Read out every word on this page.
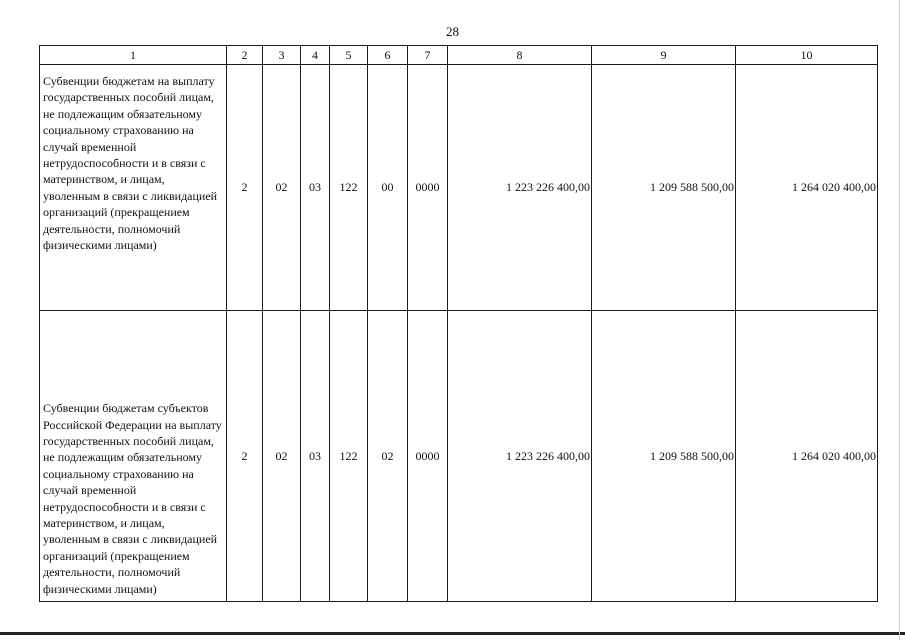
28
1	2	3	4	5	6	7	8	9	10
Субвенции бюджетам на выплату государственных пособий лицам, не подлежащим обязательному социальному страхованию на случай временной нетрудоспособности и в связи с материнством, и лицам, уволенным в связи с ликвидацией организаций (прекращением деятельности, полномочий физическими лицами)	2	02	03	122	00	0000	1 223 226 400,00	1 209 588 500,00	1 264 020 400,00
Субвенции бюджетам субъектов Российской Федерации на выплату государственных пособий лицам, не подлежащим обязательному социальному страхованию на случай временной нетрудоспособности и в связи с материнством, и лицам, уволенным в связи с ликвидацией организаций (прекращением деятельности, полномочий физическими лицами)	2	02	03	122	02	0000	1 223 226 400,00	1 209 588 500,00	1 264 020 400,00
